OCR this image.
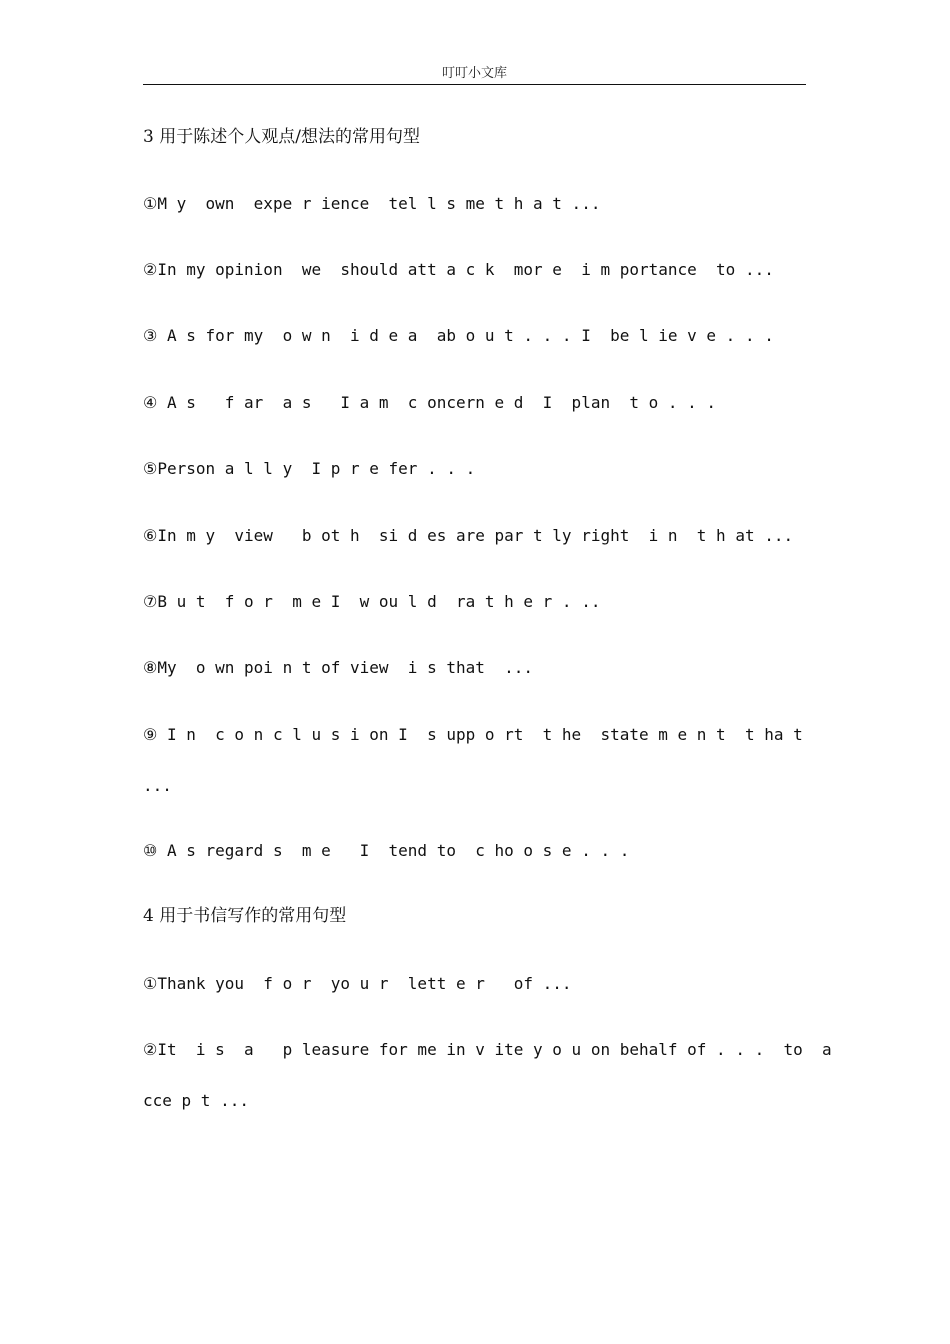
叮叮小文库
3 用于陈述个人观点/想法的常用句型
①M y  own  expe r ience  tel l s me t h a t ...
②In my opinion  we  should att a c k  mor e  i m portance  to ...
③ A s for my  o w n  i d e a  ab o u t . . . I  be l ie v e . . .
④ A s   f ar  a s   I a m  c oncern e d  I  plan  t o . . .
⑤Person a l l y  I p r e fer . . .
⑥In m y  view   b ot h  si d es are par t ly right  i n  t h at ...
⑦B u t  f o r  m e I  w ou l d  ra t h e r . ..
⑧My  o wn poi n t of view  i s that  ...
⑨ I n  c o n c l u s i on I  s upp o rt  t he  state m e n t  t ha t
...
⑩ A s regard s  m e   I  tend to  c ho o s e . . .
4 用于书信写作的常用句型
①Thank you  f o r  yo u r  lett e r   of ...
②It  i s  a   p leasure for me in v ite y o u on behalf of . . .  to  a
cce p t ...
